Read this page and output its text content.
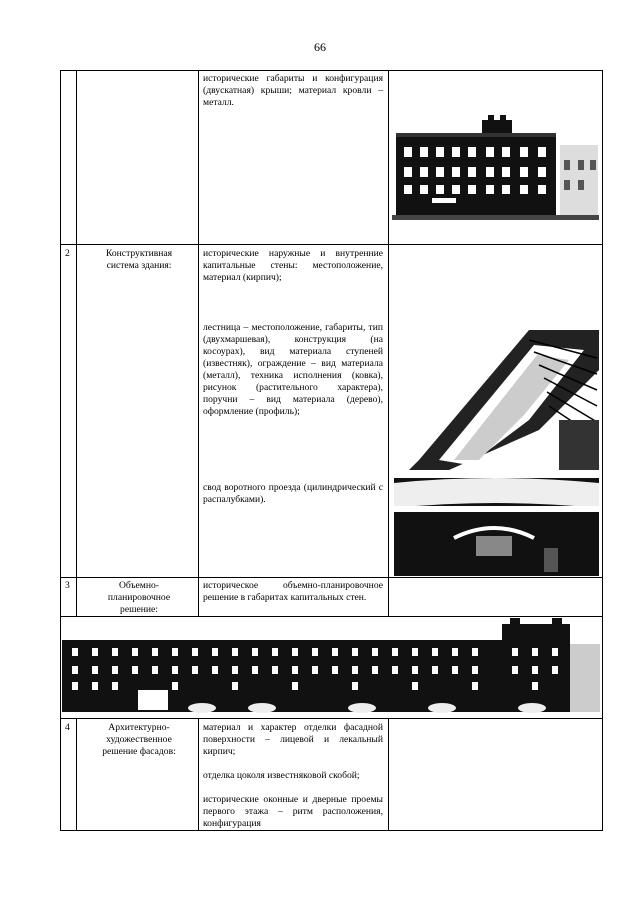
66
исторические габариты и конфигурация (двускатная) крыши; материал кровли – металл.
2	Конструктивная система здания:
исторические наружные и внутренние капитальные стены: местоположение, материал (кирпич);
лестница – местоположение, габариты, тип (двухмаршевая), конструкция (на косоурах), вид материала ступеней (известняк), ограждение – вид материала (металл), техника исполнения (ковка), рисунок (растительного характера), поручни – вид материала (дерево), оформление (профиль);
свод воротного проезда (цилиндрический с распалубками).
3	Объемно-планировочное решение:
историческое объемно-планировочное решение в габаритах капитальных стен.
4	Архитектурно-художественное решение фасадов:
материал и характер отделки фасадной поверхности – лицевой и лекальный кирпич;
отделка цоколя известняковой скобой;
исторические оконные и дверные проемы первого этажа – ритм расположения, конфигурация
